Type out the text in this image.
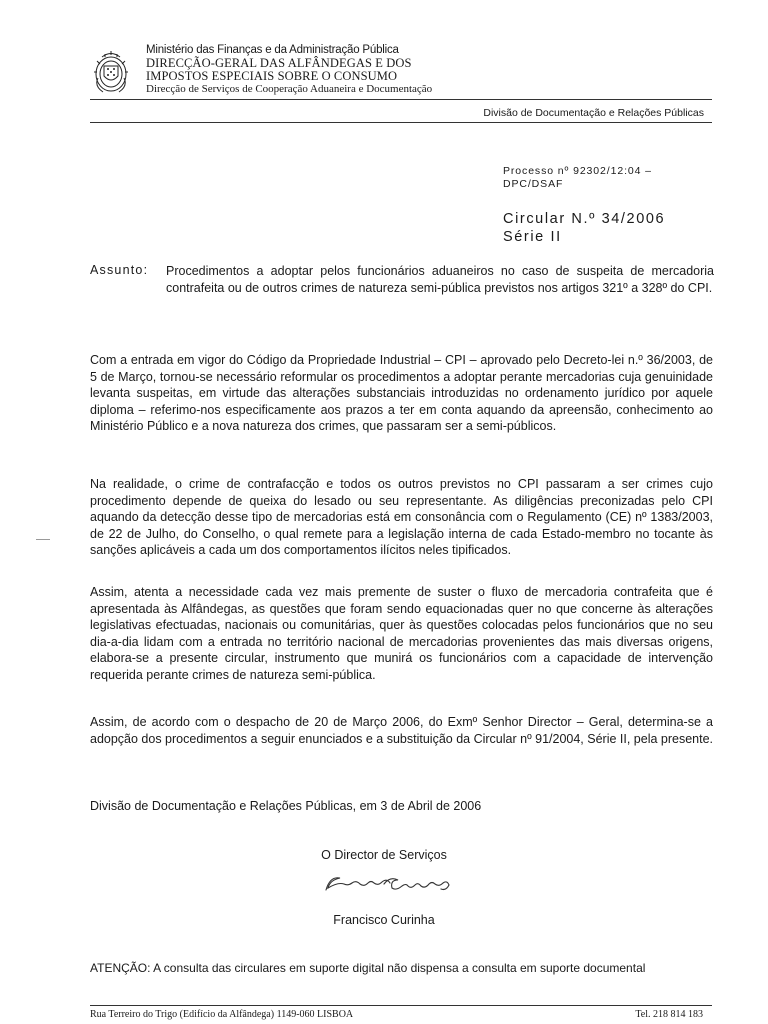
Ministério das Finanças e da Administração Pública
DIRECÇÃO-GERAL DAS ALFÂNDEGAS E DOS
IMPOSTOS ESPECIAIS SOBRE O CONSUMO
Direcção de Serviços de Cooperação Aduaneira e Documentação
Divisão de Documentação e Relações Públicas
Processo nº 92302/12:04 – DPC/DSAF
Circular N.º 34/2006
Série II
Assunto: Procedimentos a adoptar pelos funcionários aduaneiros no caso de suspeita de mercadoria contrafeita ou de outros crimes de natureza semi-pública previstos nos artigos 321º a 328º do CPI.
Com a entrada em vigor do Código da Propriedade Industrial – CPI – aprovado pelo Decreto-lei n.º 36/2003, de 5 de Março, tornou-se necessário reformular os procedimentos a adoptar perante mercadorias cuja genuinidade levanta suspeitas, em virtude das alterações substanciais introduzidas no ordenamento jurídico por aquele diploma – referimo-nos especificamente aos prazos a ter em conta aquando da apreensão, conhecimento ao Ministério Público e a nova natureza dos crimes, que passaram ser a semi-públicos.
Na realidade, o crime de contrafacção e todos os outros previstos no CPI passaram a ser crimes cujo procedimento depende de queixa do lesado ou seu representante. As diligências preconizadas pelo CPI aquando da detecção desse tipo de mercadorias está em consonância com o Regulamento (CE) nº 1383/2003, de 22 de Julho, do Conselho, o qual remete para a legislação interna de cada Estado-membro no tocante às sanções aplicáveis a cada um dos comportamentos ilícitos neles tipificados.
Assim, atenta a necessidade cada vez mais premente de suster o fluxo de mercadoria contrafeita que é apresentada às Alfândegas, as questões que foram sendo equacionadas quer no que concerne às alterações legislativas efectuadas, nacionais ou comunitárias, quer às questões colocadas pelos funcionários que no seu dia-a-dia lidam com a entrada no território nacional de mercadorias provenientes das mais diversas origens, elabora-se a presente circular, instrumento que munirá os funcionários com a capacidade de intervenção requerida perante crimes de natureza semi-pública.
Assim, de acordo com o despacho de 20 de Março 2006, do Exmº Senhor Director – Geral, determina-se a adopção dos procedimentos a seguir enunciados e a substituição da Circular nº 91/2004, Série II, pela presente.
Divisão de Documentação e Relações Públicas, em 3 de Abril de 2006
O Director de Serviços
Francisco Curinha
ATENÇÃO: A consulta das circulares em suporte digital não dispensa a consulta em suporte documental
Rua Terreiro do Trigo (Edifício da Alfândega) 1149-060 LISBOA	Tel. 218 814 183
